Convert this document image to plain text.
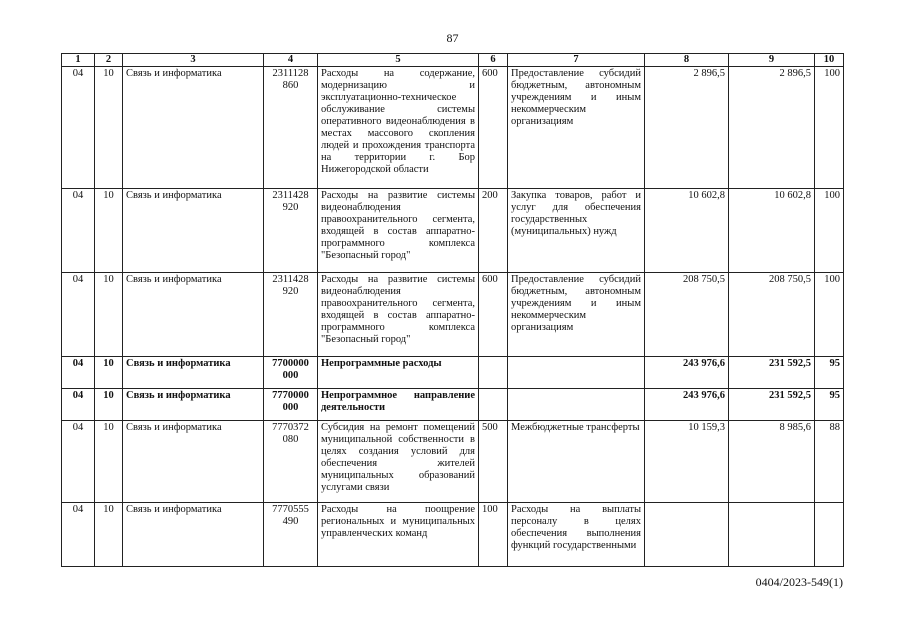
87
1	2	3	4	5	6	7	8	9	10
04	10	Связь и информатика	2311128 860	Расходы на содержание, модернизацию и эксплуатационно-техническое обслуживание системы оперативного видеонаблюдения в местах массового скопления людей и прохождения транспорта на территории г. Бор Нижегородской области	600	Предоставление субсидий бюджетным, автономным учреждениям и иным некоммерческим организациям	2 896,5	2 896,5	100
04	10	Связь и информатика	2311428 920	Расходы на развитие системы видеонаблюдения правоохранительного сегмента, входящей в состав аппаратно-программного комплекса "Безопасный город"	200	Закупка товаров, работ и услуг для обеспечения государственных (муниципальных) нужд	10 602,8	10 602,8	100
04	10	Связь и информатика	2311428 920	Расходы на развитие системы видеонаблюдения правоохранительного сегмента, входящей в состав аппаратно-программного комплекса "Безопасный город"	600	Предоставление субсидий бюджетным, автономным учреждениям и иным некоммерческим организациям	208 750,5	208 750,5	100
04	10	Связь и информатика	7700000 000	Непрограммные расходы			243 976,6	231 592,5	95
04	10	Связь и информатика	7770000 000	Непрограммное направление деятельности			243 976,6	231 592,5	95
04	10	Связь и информатика	7770372 080	Субсидия на ремонт помещений муниципальной собственности в целях создания условий для обеспечения жителей муниципальных образований услугами связи	500	Межбюджетные трансферты	10 159,3	8 985,6	88
04	10	Связь и информатика	7770555 490	Расходы на поощрение региональных и муниципальных управленческих команд	100	Расходы на выплаты персоналу в целях обеспечения выполнения функций государственными			
0404/2023-549(1)
